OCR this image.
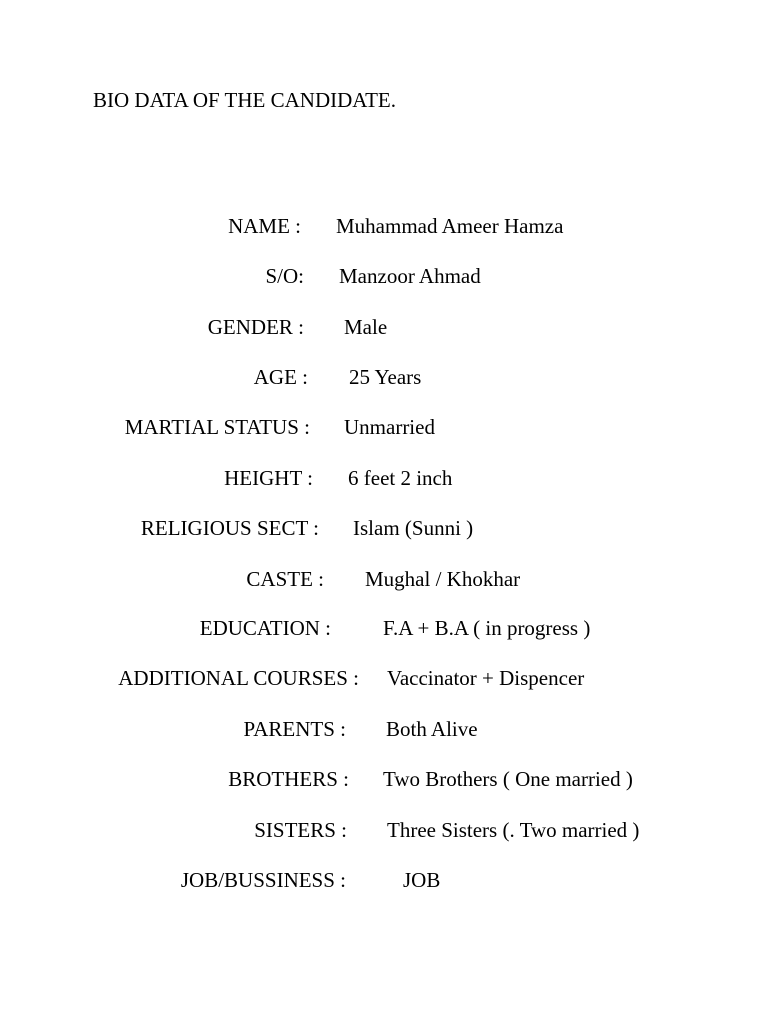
BIO DATA OF THE CANDIDATE.
NAME : Muhammad Ameer Hamza
S/O: Manzoor Ahmad
GENDER : Male
AGE : 25 Years
MARTIAL STATUS : Unmarried
HEIGHT : 6 feet 2 inch
RELIGIOUS SECT : Islam (Sunni )
CASTE : Mughal / Khokhar
EDUCATION : F.A + B.A ( in progress )
ADDITIONAL COURSES : Vaccinator + Dispencer
PARENTS : Both Alive
BROTHERS : Two Brothers ( One married )
SISTERS : Three Sisters (. Two married )
JOB/BUSSINESS :	JOB
